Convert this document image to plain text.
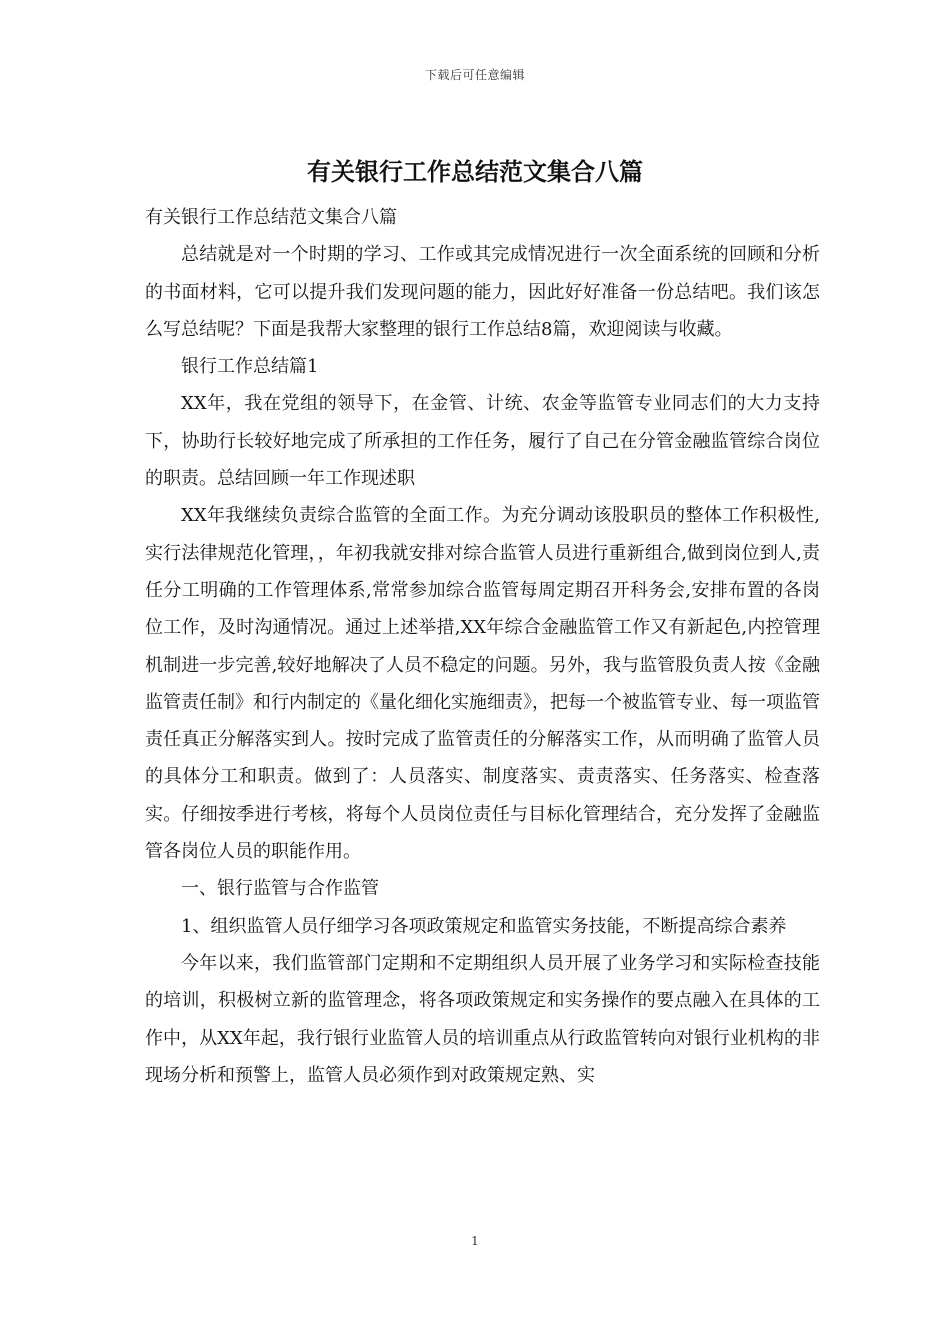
下载后可任意编辑
有关银行工作总结范文集合八篇

有关银行工作总结范文集合八篇

总结就是对一个时期的学习、工作或其完成情况进行一次全面系统的回顾和分析的书面材料，它可以提升我们发现问题的能力，因此好好准备一份总结吧。我们该怎么写总结呢？下面是我帮大家整理的银行工作总结8篇，欢迎阅读与收藏。

银行工作总结篇1

XX年，我在党组的领导下，在金管、计统、农金等监管专业同志们的大力支持下，协助行长较好地完成了所承担的工作任务，履行了自己在分管金融监管综合岗位的职责。总结回顾一年工作现述职

XX年我继续负责综合监管的全面工作。为充分调动该股职员的整体工作积极性,实行法律规范化管理，，年初我就安排对综合监管人员进行重新组合,做到岗位到人,责任分工明确的工作管理体系,常常参加综合监管每周定期召开科务会,安排布置的各岗位工作，及时沟通情况。通过上述举措,XX年综合金融监管工作又有新起色,内控管理机制进一步完善,较好地解决了人员不稳定的问题。另外，我与监管股负责人按《金融监管责任制》和行内制定的《量化细化实施细责》，把每一个被监管专业、每一项监管责任真正分解落实到人。按时完成了监管责任的分解落实工作，从而明确了监管人员的具体分工和职责。做到了：人员落实、制度落实、责责落实、任务落实、检查落实。仔细按季进行考核，将每个人员岗位责任与目标化管理结合，充分发挥了金融监管各岗位人员的职能作用。

一、银行监管与合作监管

1、组织监管人员仔细学习各项政策规定和监管实务技能，不断提高综合素养

今年以来，我们监管部门定期和不定期组织人员开展了业务学习和实际检查技能的培训，积极树立新的监管理念，将各项政策规定和实务操作的要点融入在具体的工作中，从XX年起，我行银行业监管人员的培训重点从行政监管转向对银行业机构的非现场分析和预警上，监管人员必须作到对政策规定熟、实

1
